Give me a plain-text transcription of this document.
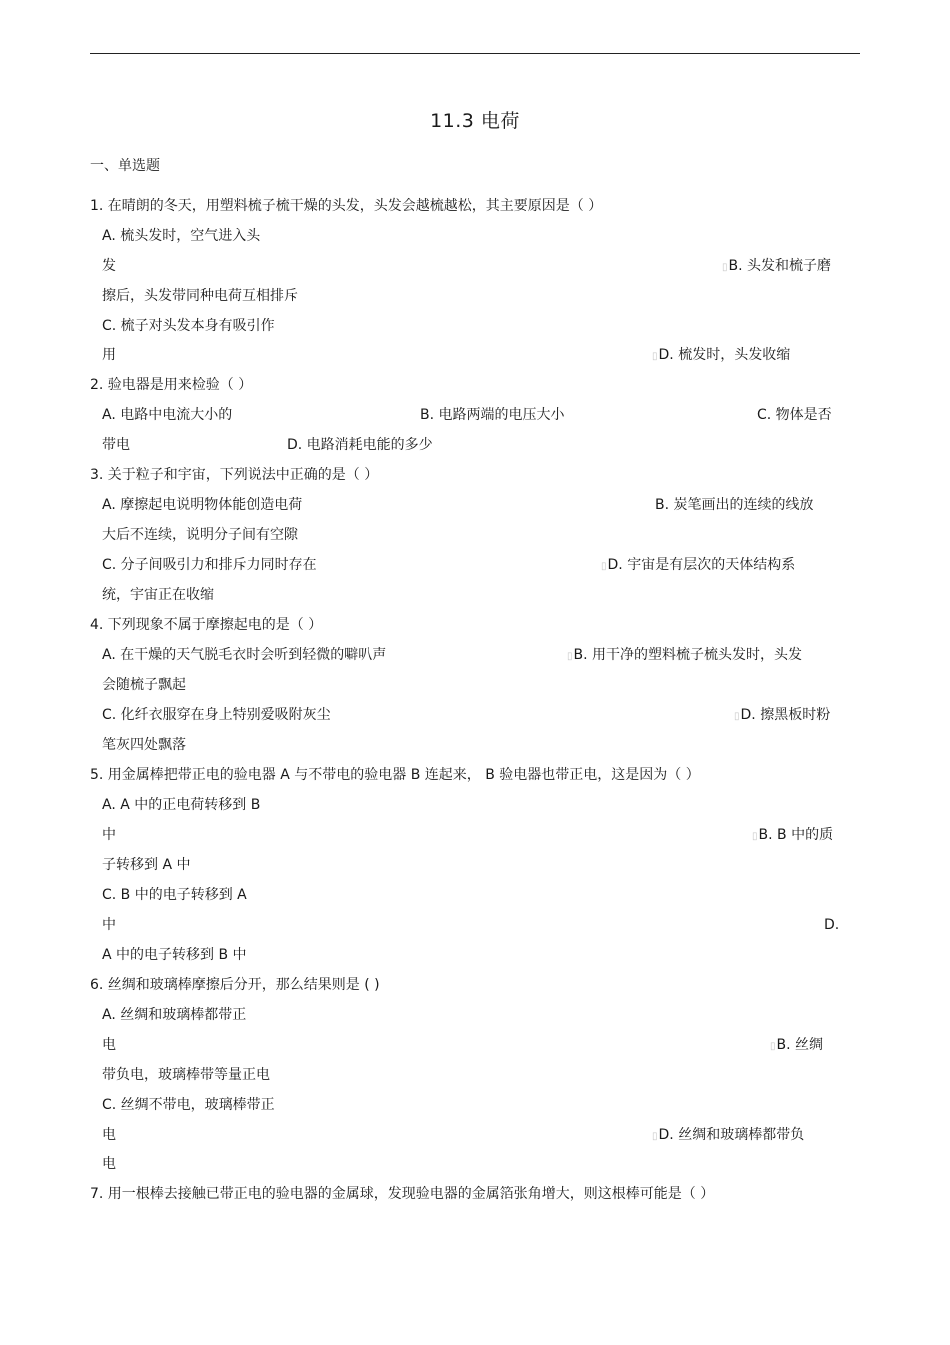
11.3 电荷
一、单选题
1. 在晴朗的冬天，用塑料梳子梳干燥的头发，头发会越梳越松，其主要原因是（ ）
A. 梳头发时，空气进入头
发	▯B. 头发和梳子磨
擦后，头发带同种电荷互相排斥
C. 梳子对头发本身有吸引作
用	▯D. 梳发时，头发收缩
2. 验电器是用来检验（ ）
A. 电路中电流大小的	B. 电路两端的电压大小	C. 物体是否
带电	D. 电路消耗电能的多少
3. 关于粒子和宇宙，下列说法中正确的是（ ）
A. 摩擦起电说明物体能创造电荷	B. 炭笔画出的连续的线放
大后不连续，说明分子间有空隙
C. 分子间吸引力和排斥力同时存在	▯D. 宇宙是有层次的天体结构系
统，宇宙正在收缩
4. 下列现象不属于摩擦起电的是（ ）
A. 在干燥的天气脱毛衣时会听到轻微的噼叭声	▯B. 用干净的塑料梳子梳头发时，头发
会随梳子飘起
C. 化纤衣服穿在身上特别爱吸附灰尘	▯D. 擦黑板时粉
笔灰四处飘落
5. 用金属棒把带正电的验电器 A 与不带电的验电器 B 连起来， B 验电器也带正电，这是因为（ ）
A. A 中的正电荷转移到 B
中	▯B. B 中的质
子转移到 A 中
C. B 中的电子转移到 A
中	D.
A 中的电子转移到 B 中
6. 丝绸和玻璃棒摩擦后分开，那么结果则是 ( )
A. 丝绸和玻璃棒都带正
电	▯B. 丝绸
带负电，玻璃棒带等量正电
C. 丝绸不带电，玻璃棒带正
电	▯D. 丝绸和玻璃棒都带负
电
7. 用一根棒去接触已带正电的验电器的金属球，发现验电器的金属箔张角增大，则这根棒可能是（ ）
